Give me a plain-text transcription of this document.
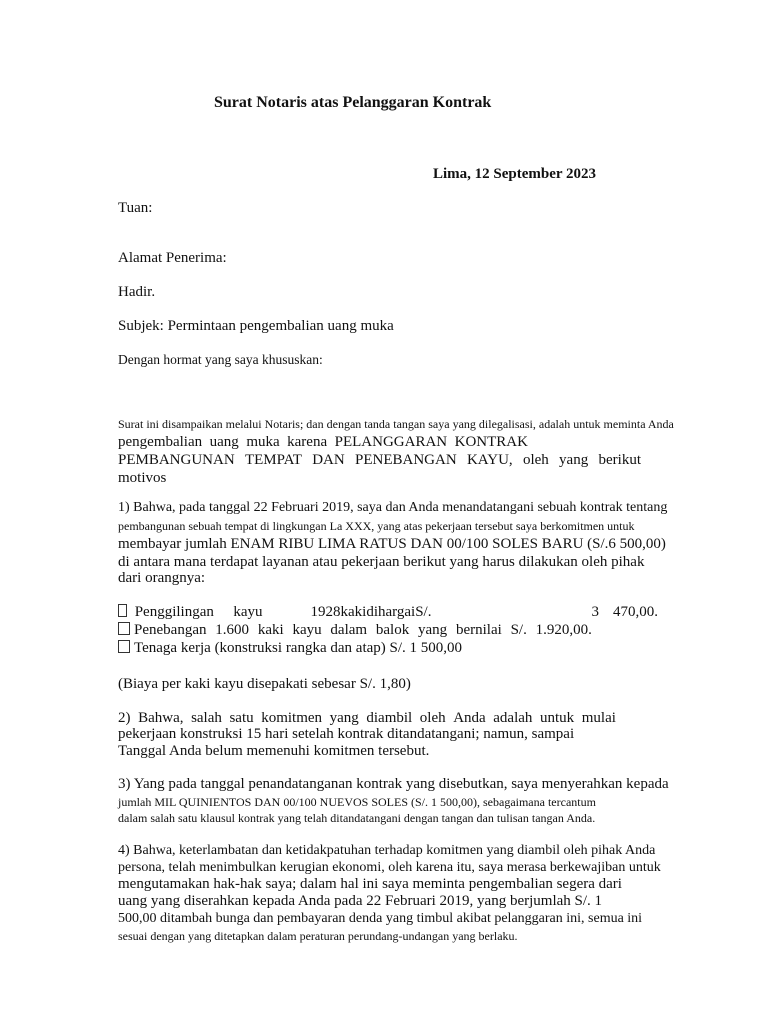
Surat Notaris atas Pelanggaran Kontrak
Lima, 12 September 2023
Tuan:
Alamat Penerima:
Hadir.
Subjek: Permintaan pengembalian uang muka
Dengan hormat yang saya khususkan:
Surat ini disampaikan melalui Notaris; dan dengan tanda tangan saya yang dilegalisasi, adalah untuk meminta Anda
pengembalian uang muka karena PELANGGARAN KONTRAK
PEMBANGUNAN TEMPAT DAN PENEBANGAN KAYU, oleh yang berikut
motivos
1) Bahwa, pada tanggal 22 Februari 2019, saya dan Anda menandatangani sebuah kontrak tentang
pembangunan sebuah tempat di lingkungan La XXX, yang atas pekerjaan tersebut saya berkomitmen untuk
membayar jumlah ENAM RIBU LIMA RATUS DAN 00/100 SOLES BARU (S/.6 500,00)
di antara mana terdapat layanan atau pekerjaan berikut yang harus dilakukan oleh pihak
dari orangnya:
Penggilingan kayu	1928 kaki dihargai S/.	3 470,00.
Penebangan 1.600 kaki kayu dalam balok yang bernilai S/. 1.920,00.
Tenaga kerja (konstruksi rangka dan atap) S/. 1 500,00
(Biaya per kaki kayu disepakati sebesar S/. 1,80)
2) Bahwa, salah satu komitmen yang diambil oleh Anda adalah untuk mulai
pekerjaan konstruksi 15 hari setelah kontrak ditandatangani; namun, sampai
Tanggal Anda belum memenuhi komitmen tersebut.
3) Yang pada tanggal penandatanganan kontrak yang disebutkan, saya menyerahkan kepada
jumlah MIL QUINIENTOS DAN 00/100 NUEVOS SOLES (S/. 1 500,00), sebagaimana tercantum
dalam salah satu klausul kontrak yang telah ditandatangani dengan tangan dan tulisan tangan Anda.
4) Bahwa, keterlambatan dan ketidakpatuhan terhadap komitmen yang diambil oleh pihak Anda
persona, telah menimbulkan kerugian ekonomi, oleh karena itu, saya merasa berkewajiban untuk
mengutamakan hak-hak saya; dalam hal ini saya meminta pengembalian segera dari
uang yang diserahkan kepada Anda pada 22 Februari 2019, yang berjumlah S/. 1
500,00 ditambah bunga dan pembayaran denda yang timbul akibat pelanggaran ini, semua ini
sesuai dengan yang ditetapkan dalam peraturan perundang-undangan yang berlaku.
